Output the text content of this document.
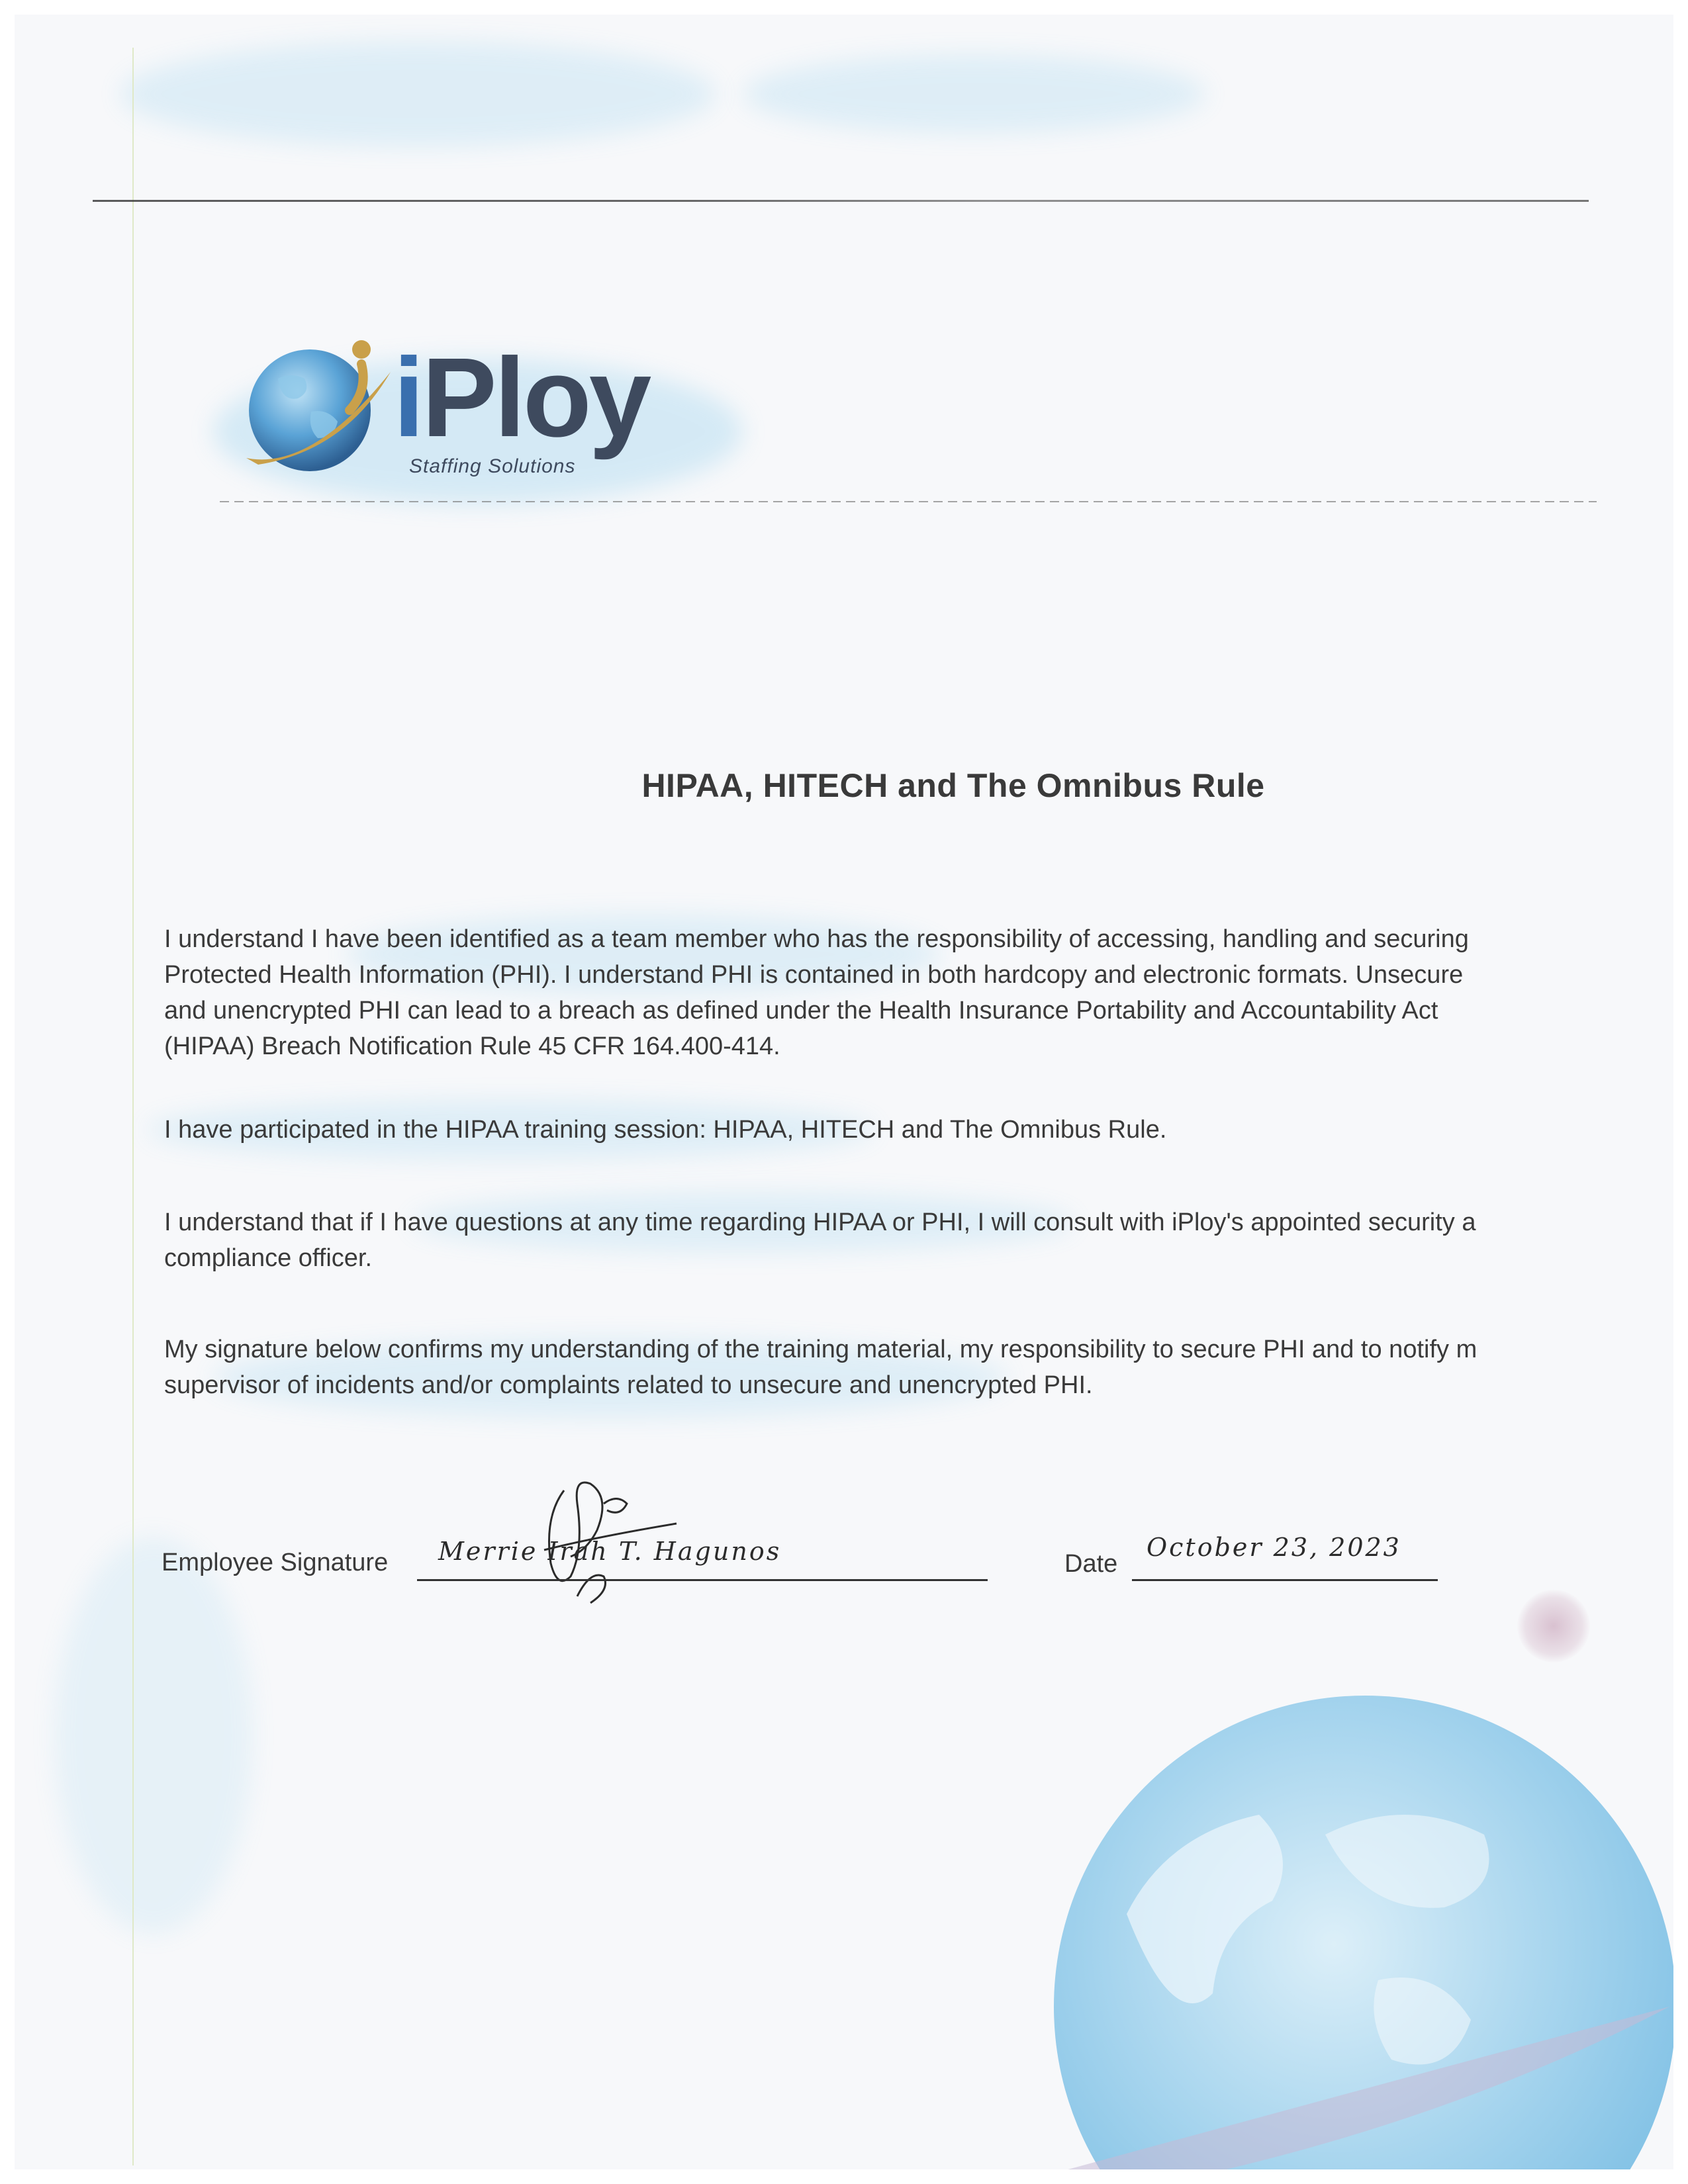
iPloy
Staffing Solutions
HIPAA, HITECH and The Omnibus Rule
I understand I have been identified as a team member who has the responsibility of accessing, handling and securing
Protected Health Information (PHI). I understand PHI is contained in both hardcopy and electronic formats. Unsecure
and unencrypted PHI can lead to a breach as defined under the Health Insurance Portability and Accountability Act
(HIPAA) Breach Notification Rule 45 CFR 164.400-414.
I have participated in the HIPAA training session: HIPAA, HITECH and The Omnibus Rule.
I understand that if I have questions at any time regarding HIPAA or PHI, I will consult with iPloy's appointed security a
compliance officer.
My signature below confirms my understanding of the training material, my responsibility to secure PHI and to notify m
supervisor of incidents and/or complaints related to unsecure and unencrypted PHI.
Employee Signature Merrie Irah T. Hagunos	Date
October 23, 2023
